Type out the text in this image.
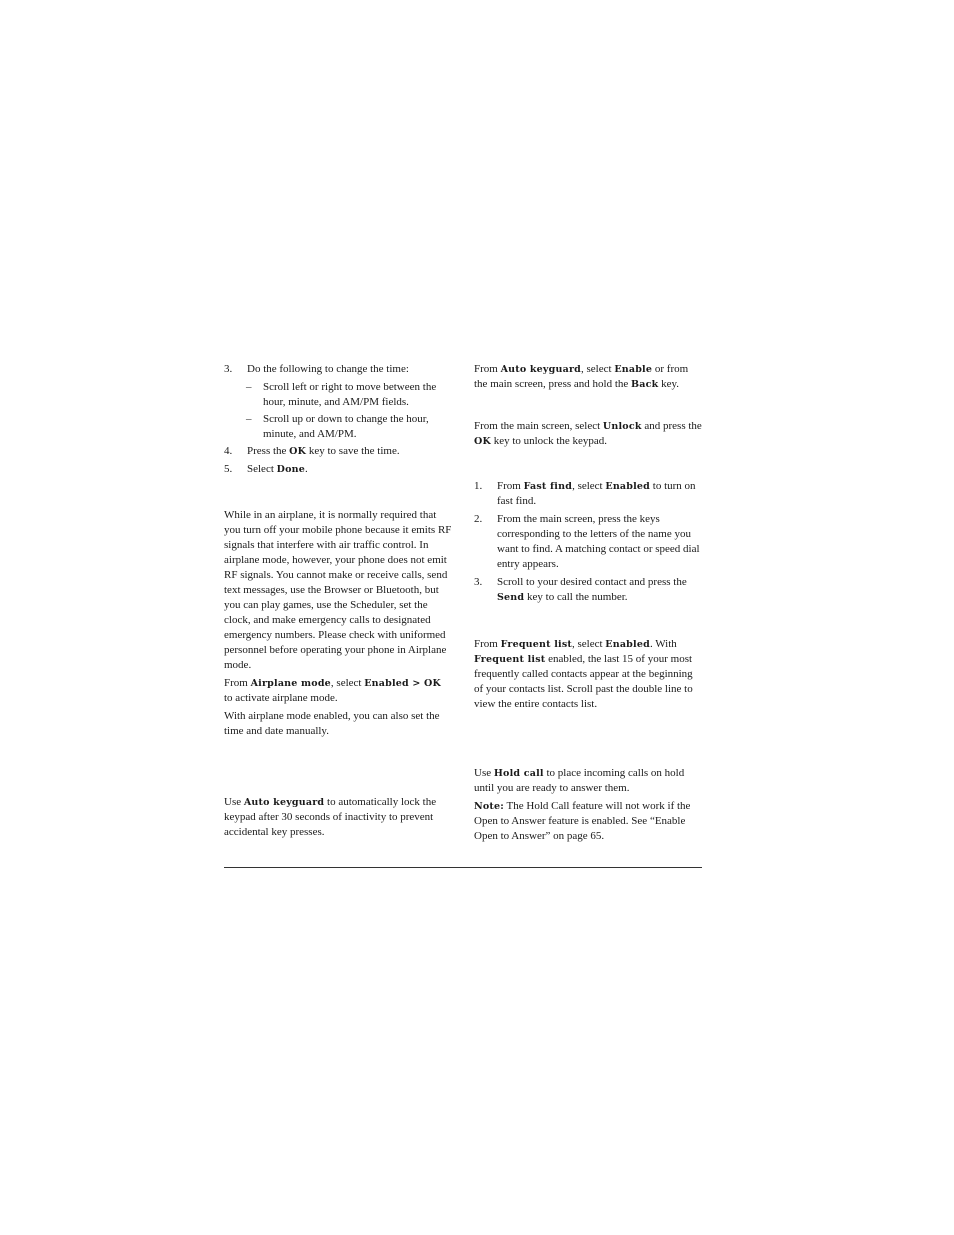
3. Do the following to change the time:
– Scroll left or right to move between the hour, minute, and AM/PM fields.
– Scroll up or down to change the hour, minute, and AM/PM.
4. Press the OK key to save the time.
5. Select Done.

While in an airplane, it is normally required that you turn off your mobile phone because it emits RF signals that interfere with air traffic control. In airplane mode, however, your phone does not emit RF signals. You cannot make or receive calls, send text messages, use the Browser or Bluetooth, but you can play games, use the Scheduler, set the clock, and make emergency calls to designated emergency numbers. Please check with uniformed personnel before operating your phone in Airplane mode.

From Airplane mode, select Enabled > OK to activate airplane mode.

With airplane mode enabled, you can also set the time and date manually.

Use Auto keyguard to automatically lock the keypad after 30 seconds of inactivity to prevent accidental key presses.

From Auto keyguard, select Enable or from the main screen, press and hold the Back key.

From the main screen, select Unlock and press the OK key to unlock the keypad.

1. From Fast find, select Enabled to turn on fast find.
2. From the main screen, press the keys corresponding to the letters of the name you want to find. A matching contact or speed dial entry appears.
3. Scroll to your desired contact and press the Send key to call the number.

From Frequent list, select Enabled. With Frequent list enabled, the last 15 of your most frequently called contacts appear at the beginning of your contacts list. Scroll past the double line to view the entire contacts list.

Use Hold call to place incoming calls on hold until you are ready to answer them.

Note: The Hold Call feature will not work if the Open to Answer feature is enabled. See “Enable Open to Answer” on page 65.
